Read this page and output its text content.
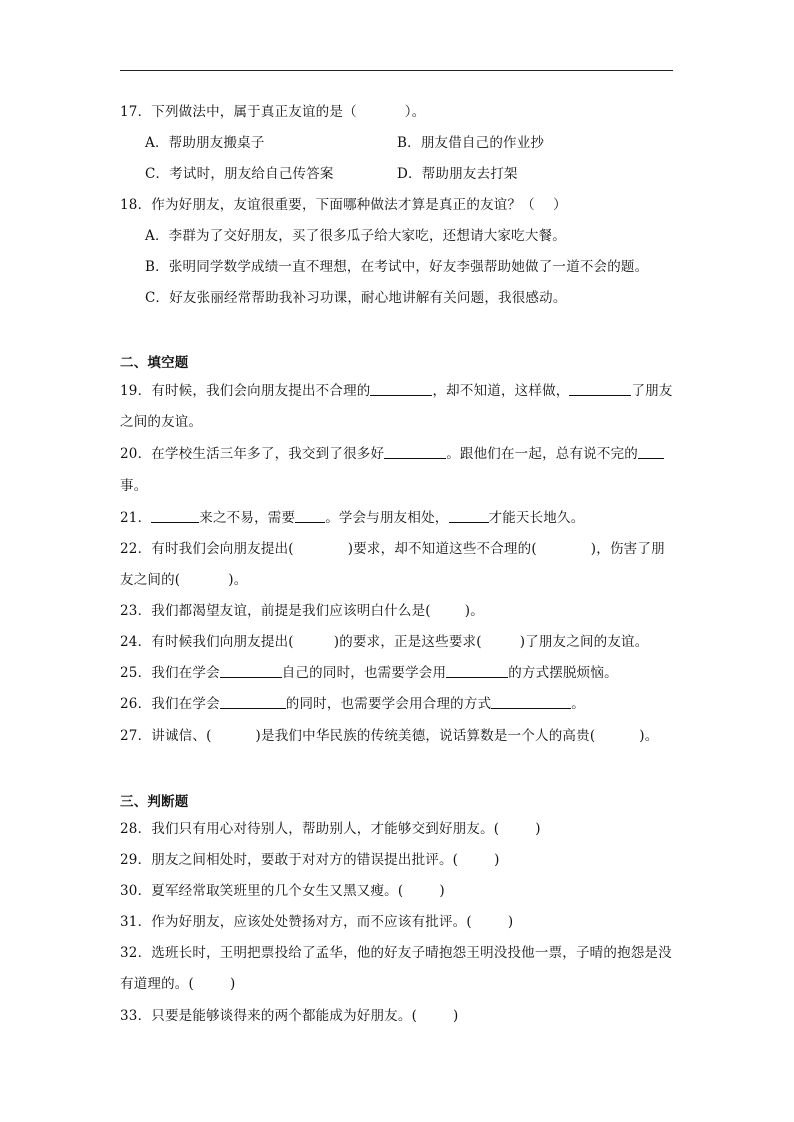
17．下列做法中，属于真正友谊的是（	）。
A．帮助朋友搬桌子	B．朋友借自己的作业抄
C．考试时，朋友给自己传答案	D．帮助朋友去打架
18．作为好朋友，友谊很重要，下面哪种做法才算是真正的友谊？（　 ）
A．李群为了交好朋友，买了很多瓜子给大家吃，还想请大家吃大餐。
B．张明同学数学成绩一直不理想，在考试中，好友李强帮助她做了一道不会的题。
C．好友张丽经常帮助我补习功课，耐心地讲解有关问题，我很感动。
二、填空题
19．有时候，我们会向朋友提出不合理的	，却不知道，这样做，	了朋友
之间的友谊。
20．在学校生活三年多了，我交到了很多好	。跟他们在一起，总有说不完的
事。
21．	来之不易，需要 。学会与朋友相处，	才能天长地久。
22．有时我们会向朋友提出(	)要求，却不知道这些不合理的(	)，伤害了朋
友之间的(	)。
23．我们都渴望友谊，前提是我们应该明白什么是(	)。
24．有时候我们向朋友提出(	)的要求，正是这些要求(	)了朋友之间的友谊。
25．我们在学会	自己的同时，也需要学会用	的方式摆脱烦恼。
26．我们在学会	的同时，也需要学会用合理的方式	。
27．讲诚信、(	)是我们中华民族的传统美德，说话算数是一个人的高贵(	)。
三、判断题
28．我们只有用心对待别人，帮助别人，才能够交到好朋友。(	)
29．朋友之间相处时，要敢于对对方的错误提出批评。(	)
30．夏军经常取笑班里的几个女生又黑又瘦。(	)
31．作为好朋友，应该处处赞扬对方，而不应该有批评。(	)
32．选班长时，王明把票投给了孟华，他的好友子晴抱怨王明没投他一票，子晴的抱怨是没
有道理的。(	)
33．只要是能够谈得来的两个都能成为好朋友。(	)
